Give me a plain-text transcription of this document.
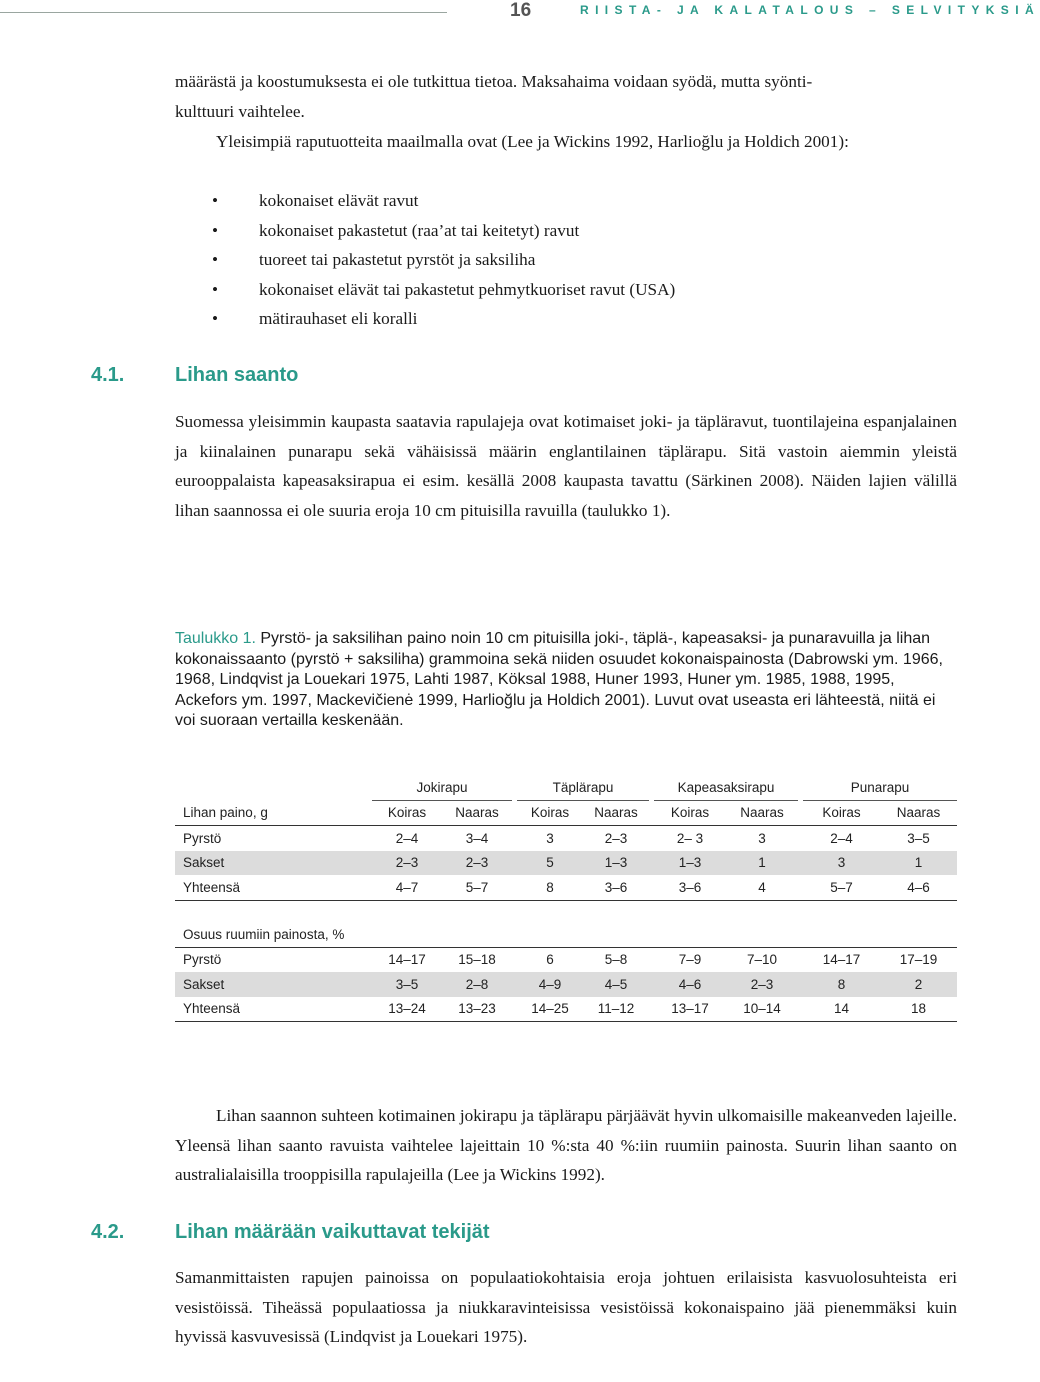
16	RIISTA- JA KALATALOUS – SELVITYKSIÄ

määrästä ja koostumuksesta ei ole tutkittua tietoa. Maksahaima voidaan syödä, mutta syönti-
kulttuuri vaihtelee.

Yleisimpiä raputuotteita maailmalla ovat (Lee ja Wickins 1992, Harlioğlu ja Holdich 2001):

• kokonaiset elävät ravut
• kokonaiset pakastetut (raa’at tai keitetyt) ravut
• tuoreet tai pakastetut pyrstöt ja saksiliha
• kokonaiset elävät tai pakastetut pehmytkuoriset ravut (USA)
• mätirauhaset eli koralli
4.1.	Lihan saanto

Suomessa yleisimmin kaupasta saatavia rapulajeja ovat kotimaiset joki- ja täpläravut, tuontilajeina espanjalainen ja kiinalainen punarapu sekä vähäisissä määrin englantilainen täplärapu. Sitä vastoin aiemmin yleistä eurooppalaista kapeasaksirapua ei esim. kesällä 2008 kaupasta tavattu (Särkinen 2008). Näiden lajien välillä lihan saannossa ei ole suuria eroja 10 cm pituisilla ravuilla (taulukko 1).

Taulukko 1. Pyrstö- ja saksilihan paino noin 10 cm pituisilla joki-, täplä-, kapeasaksi- ja punaravuilla ja lihan kokonaissaanto (pyrstö + saksiliha) grammoina sekä niiden osuudet kokonaispainosta (Dabrowski ym. 1966, 1968, Lindqvist ja Louekari 1975, Lahti 1987, Köksal 1988, Huner 1993, Huner ym. 1985, 1988, 1995, Ackefors ym. 1997, Mackevičienė 1999, Harlioğlu ja Holdich 2001). Luvut ovat useasta eri lähteestä, niitä ei voi suoraan vertailla keskenään.

	Jokirapu			Täplärapu			Kapeasaksirapu			Punarapu	
Lihan paino, g	Koiras	Naaras		Koiras	Naaras		Koiras	Naaras		Koiras	Naaras
Pyrstö	2–4	3–4		3	2–3		2– 3	3		2–4	3–5
Sakset	2–3	2–3		5	1–3		1–3	1		3	1
Yhteensä	4–7	5–7		8	3–6		3–6	4		5–7	4–6
Osuus ruumiin painosta, %											
Pyrstö	14–17	15–18		6	5–8		7–9	7–10		14–17	17–19
Sakset	3–5	2–8		4–9	4–5		4–6	2–3		8	2
Yhteensä	13–24	13–23		14–25	11–12		13–17	10–14		14	18

Lihan saannon suhteen kotimainen jokirapu ja täplärapu pärjäävät hyvin ulkomaisille makeanveden lajeille. Yleensä lihan saanto ravuista vaihtelee lajeittain 10 %:sta 40 %:iin ruumiin painosta. Suurin lihan saanto on australialaisilla trooppisilla rapulajeilla (Lee ja Wickins 1992).

4.2.	Lihan määrään vaikuttavat tekijät

Samanmittaisten rapujen painoissa on populaatiokohtaisia eroja johtuen erilaisista kasvuolosuhteista eri vesistöissä. Tiheässä populaatiossa ja niukkaravinteisissa vesistöissä kokonaispaino jää pienemmäksi kuin hyvissä kasvuvesissä (Lindqvist ja Louekari 1975).
